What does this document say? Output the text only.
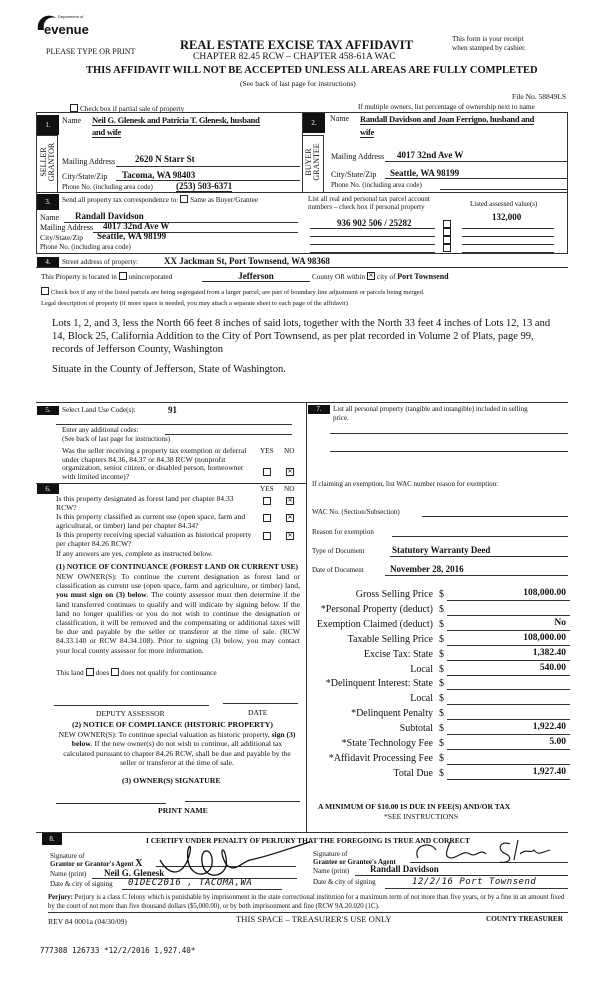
evenue
Department of
PLEASE TYPE OR PRINT	REAL ESTATE EXCISE TAX AFFIDAVIT
CHAPTER 82.45 RCW – CHAPTER 458-61A WAC
This form is your receipt
when stamped by cashier.
THIS AFFIDAVIT WILL NOT BE ACCEPTED UNLESS ALL AREAS ARE FULLY COMPLETED
(See back of last page for instructions)
File No. 58849LS
Check box if partial sale of property	If multiple owners, list percentage of ownership next to name
1.
SELLER
GRANTOR
Name Neil G. Glenesk and Patricia T. Glenesk, husband
and wife
Mailing Address 2620 N Starr St
City/State/Zip Tacoma, WA 98403
Phone No. (including area code)	(253) 503-6371
2.
BUYER
GRANTEE
Name Randall Davidson and Joan Ferrigno, husband and
wife
Mailing Address 4017 32nd Ave W
City/State/Zip Seattle, WA 98199
Phone No. (including area code)
3.	Send all property tax correspondence to: Same as Buyer/Grantee
Name Randall Davidson
Mailing Address 4017 32nd Ave W
City/State/Zip Seattle, WA 98199
Phone No. (including area code)
List all real and personal tax parcel account
numbers – check box if personal property	Listed assessed value(s)
936 902 506 / 25282
132,000
4.	Street address of property:	XX Jackman St, Port Townsend, WA 98368
This Property is located in unincorporated	Jefferson	County OR within ✕ city of Port Townsend
Check box if any of the listed parcels are being segregated from a larger parcel, are part of boundary line adjustment or parcels being merged.
Legal description of property (if more space is needed, you may attach a separate sheet to each page of the affidavit)
Lots 1, 2, and 3, less the North 66 feet 8 inches of said lots, together with the North 33 feet 4 inches of Lots 12, 13 and
14, Block 25, California Addition to the City of Port Townsend, as per plat recorded in Volume 2 of Plats, page 99,
records of Jefferson County, Washington
Situate in the County of Jefferson, State of Washington.
5.	Select Land Use Code(s):	91
Enter any additional codes:
(See back of last page for instructions)
YES NO
Was the seller receiving a property tax exemption or deferral under chapters 84.36, 84.37 or 84.38 RCW (nonprofit organization, senior citizen, or disabled person, homeowner with limited income)?
✕
6.	YES NO
Is this property designated as forest land per chapter 84.33 RCW?
✕
Is this property classified as current use (open space, farm and agricultural, or timber) land per chapter 84.34?
✕
Is this property receiving special valuation as historical property per chapter 84.26 RCW?
✕
If any answers are yes, complete as instructed below.
(1) NOTICE OF CONTINUANCE (FOREST LAND OR CURRENT USE)
NEW OWNER(S): To continue the current designation as forest land or classification as current use (open space, farm and agriculture, or timber) land, you must sign on (3) below. The county assessor must then determine if the land transferred continues to qualify and will indicate by signing below. If the land no longer qualifies or you do not wish to continue the designation or classification, it will be removed and the compensating or additional taxes will be due and payable by the seller or transferor at the time of sale. (RCW 84.33.140 or RCW 84.34.108). Prior to signing (3) below, you may contact your local county assessor for more information.
This land does does not qualify for continuance
DEPUTY ASSESSOR	DATE
(2) NOTICE OF COMPLIANCE (HISTORIC PROPERTY)
NEW OWNER(S): To continue special valuation as historic property, sign (3) below. If the new owner(s) do not wish to continue, all additional tax calculated pursuant to chapter 84.26 RCW, shall be due and payable by the seller or transferor at the time of sale.
(3) OWNER(S) SIGNATURE
PRINT NAME
7.	List all personal property (tangible and intangible) included in selling
price.
If claiming an exemption, list WAC number reason for exemption:
WAC No. (Section/Subsection)
Reason for exemption
Type of Document	Statutory Warranty Deed
Date of Document	November 28, 2016
Gross Selling Price $	108,000.00
*Personal Property (deduct) $
Exemption Claimed (deduct) $	No
Taxable Selling Price $	108,000.00
Excise Tax: State $	1,382.40
Local $	540.00
*Delinquent Interest: State $
Local $
*Delinquent Penalty $
Subtotal $	1,922.40
*State Technology Fee $	5.00
*Affidavit Processing Fee $
Total Due $	1,927.40
A MINIMUM OF $10.00 IS DUE IN FEE(S) AND/OR TAX
*SEE INSTRUCTIONS
8.	I CERTIFY UNDER PENALTY OF PERJURY THAT THE FOREGOING IS TRUE AND CORRECT
Signature of
Grantor or Grantor's Agent X
Name (print) Neil G. Glenesk
Date & city of signing 01DEC2016 , TACOMA,WA
Signature of
Grantee or Grantee's Agent
Name (print) Randall Davidson
Date & city of signing	12/2/16 Port Townsend
Perjury: Perjury is a class C felony which is punishable by imprisonment in the state correctional institution for a maximum term of not more than five years, or by a fine in an amount fixed by the court of not more than five thousand dollars ($5,000.00), or by both imprisonment and fine (RCW 9A.20.020 (1C).
REV 84 0001a (04/30/09)	THIS SPACE – TREASURER'S USE ONLY	COUNTY TREASURER
777308 126733 *12/2/2016 1,927.40*
